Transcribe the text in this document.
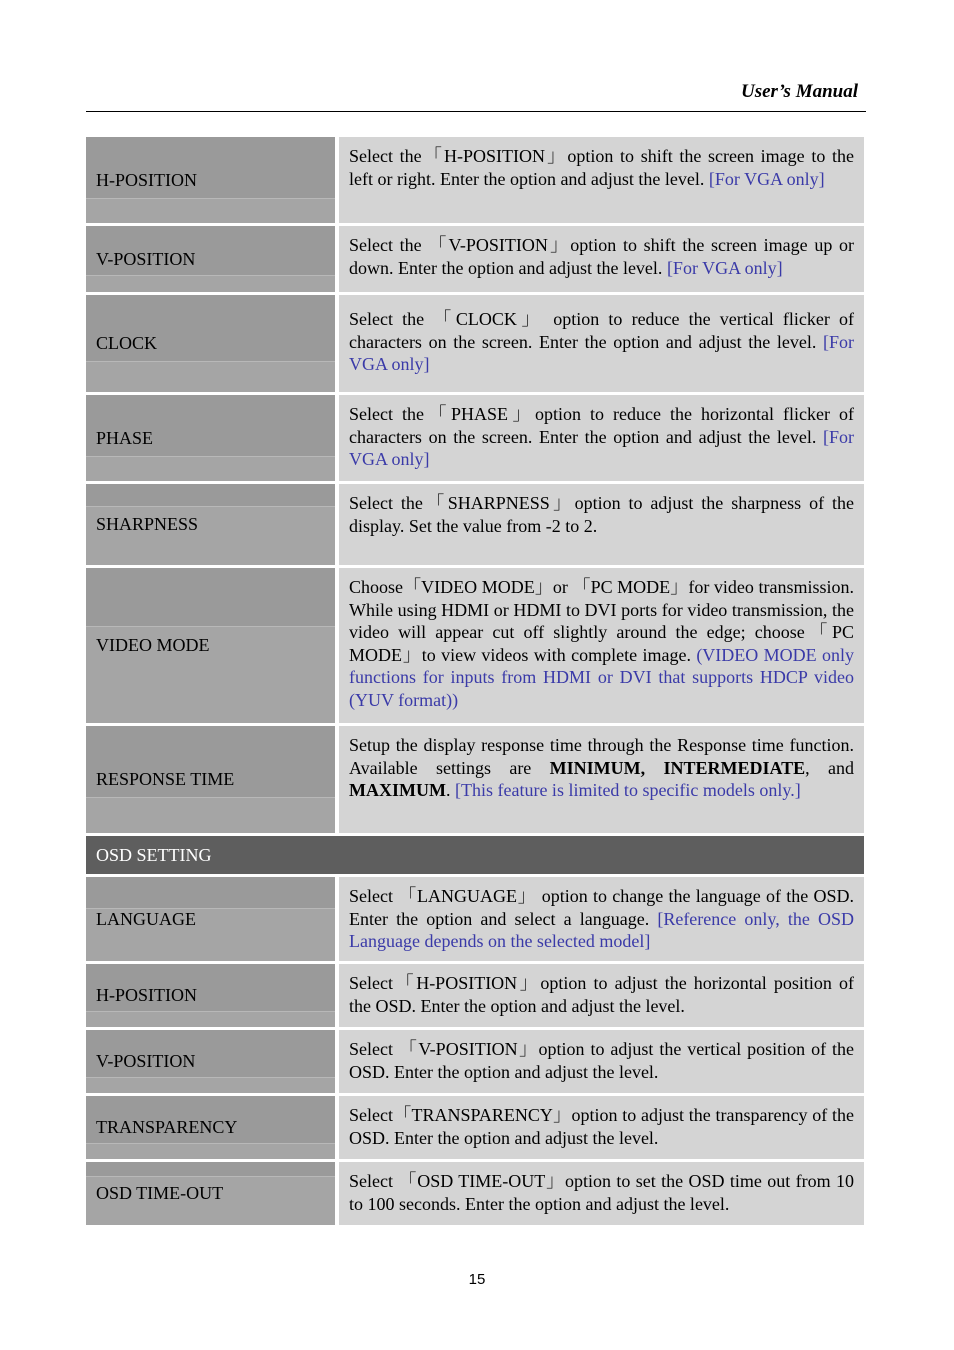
User’s Manual
H-POSITION
Select the「H-POSITION」option to shift the screen image to the left or right. Enter the option and adjust the level. [For VGA only]
V-POSITION
Select the 「V-POSITION」option to shift the screen image up or down. Enter the option and adjust the level. [For VGA only]
CLOCK
Select the 「CLOCK」 option to reduce the vertical flicker of characters on the screen. Enter the option and adjust the level. [For VGA only]
PHASE
Select the「PHASE」option to reduce the horizontal flicker of characters on the screen. Enter the option and adjust the level. [For VGA only]
SHARPNESS
Select the「SHARPNESS」option to adjust the sharpness of the display. Set the value from -2 to 2.
VIDEO MODE
Choose「VIDEO MODE」or 「PC MODE」for video transmission. While using HDMI or HDMI to DVI ports for video transmission, the video will appear cut off slightly around the edge; choose「PC MODE」to view videos with complete image. (VIDEO MODE only functions for inputs from HDMI or DVI that supports HDCP video (YUV format))
RESPONSE TIME
Setup the display response time through the Response time function. Available settings are MINIMUM, INTERMEDIATE, and MAXIMUM. [This feature is limited to specific models only.]
OSD SETTING
LANGUAGE
Select 「LANGUAGE」 option to change the language of the OSD. Enter the option and select a language. [Reference only, the OSD Language depends on the selected model]
H-POSITION
Select「H-POSITION」option to adjust the horizontal position of the OSD. Enter the option and adjust the level.
V-POSITION
Select 「V-POSITION」option to adjust the vertical position of the OSD. Enter the option and adjust the level.
TRANSPARENCY
Select「TRANSPARENCY」option to adjust the transparency of the OSD. Enter the option and adjust the level.
OSD TIME-OUT
Select 「OSD TIME-OUT」option to set the OSD time out from 10 to 100 seconds. Enter the option and adjust the level.
15
